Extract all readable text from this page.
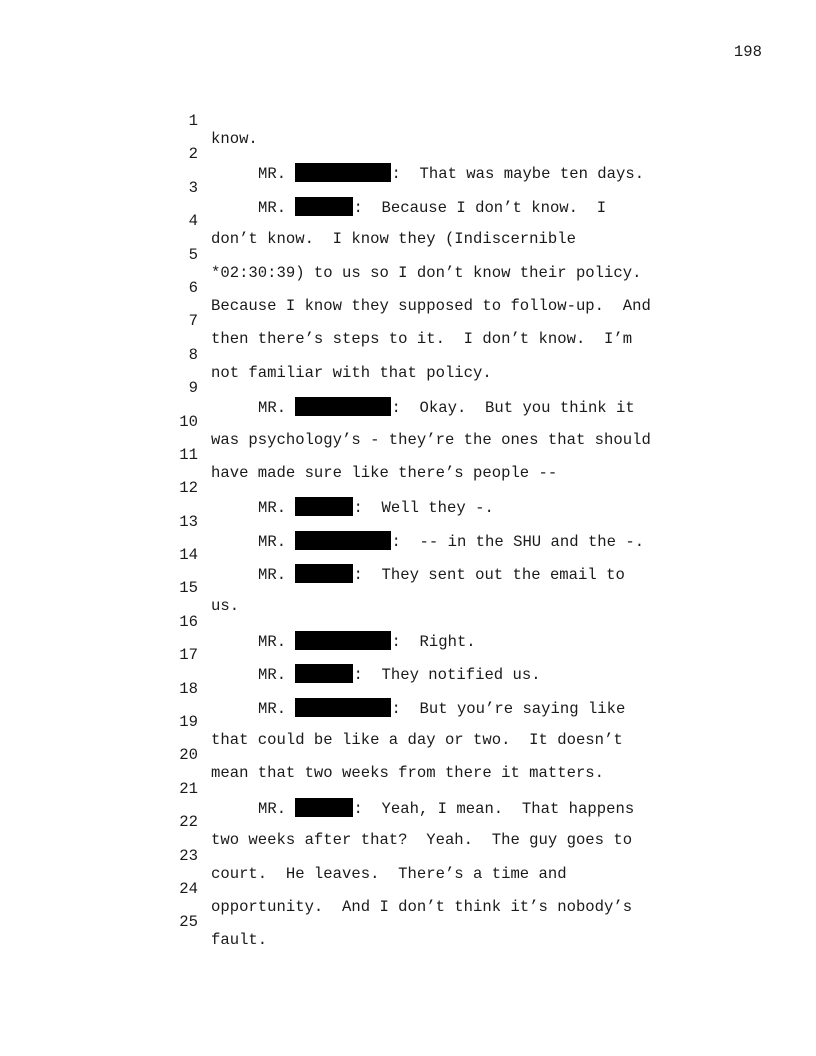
198

1

know.

2

MR.	:  That was maybe ten days.

3

MR.	:  Because I don’t know.  I

4

don’t know.  I know they (Indiscernible

5

*02:30:39) to us so I don’t know their policy.

6

Because I know they supposed to follow-up.  And

7

then there’s steps to it.  I don’t know.  I’m

8

not familiar with that policy.

9

MR.	:  Okay.  But you think it

10

was psychology’s - they’re the ones that should

11

have made sure like there’s people --

12

MR.	:  Well they -.

13

MR.	:  -- in the SHU and the -.

14

MR.	:  They sent out the email to

15

us.

16

MR.	:  Right.

17

MR.	:  They notified us.

18

MR.	:  But you’re saying like

19

that could be like a day or two.  It doesn’t

20

mean that two weeks from there it matters.

21

MR.	:  Yeah, I mean.  That happens

22

two weeks after that?  Yeah.  The guy goes to

23

court.  He leaves.  There’s a time and

24

opportunity.  And I don’t think it’s nobody’s

25

fault.
